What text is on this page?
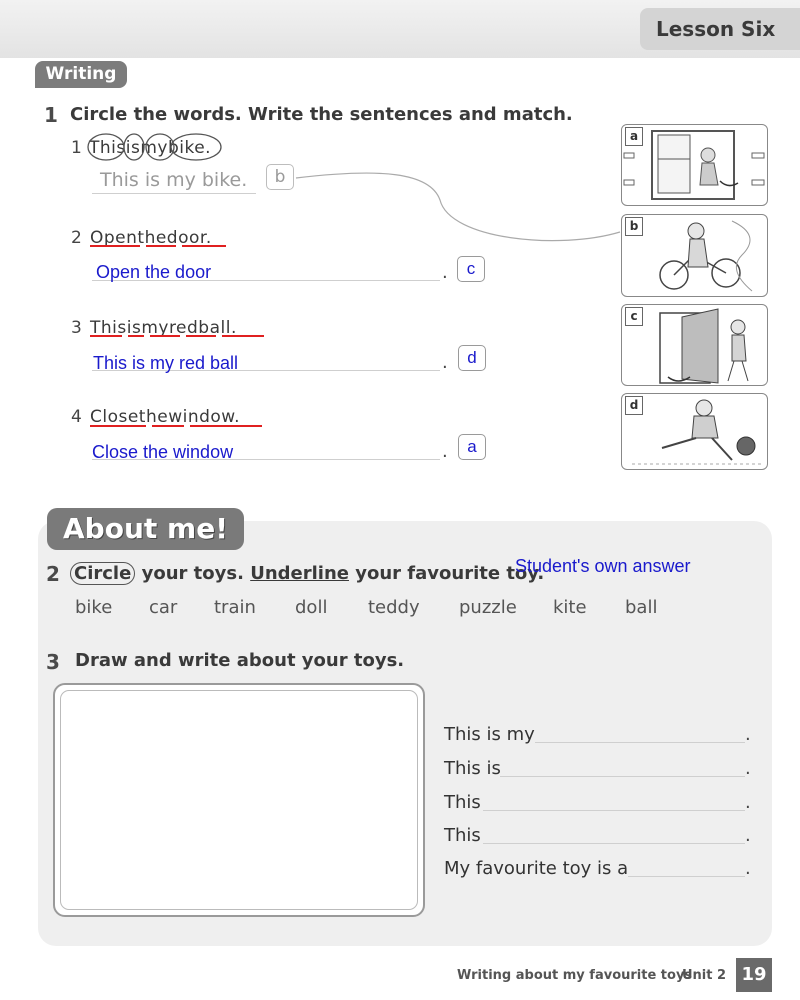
Lesson Six
Writing
1 Circle the words. Write the sentences and match.
1 Thisismybike.
This is my bike.	b
2 Openthedoor.
Open the door	.	c
3 Thisismyredball.
This is my red ball	.	d
4 Closethewindow.
Close the window	.	a
a
b
c
d
About me!
2 Circle your toys. Underline your favourite toy.
Student's own answer
bike car train doll teddy puzzle kite ball
3 Draw and write about your toys.
This is my	.
This is	.
This	.
This	.
My favourite toy is a	.
Writing about my favourite toys
Unit 2 19
